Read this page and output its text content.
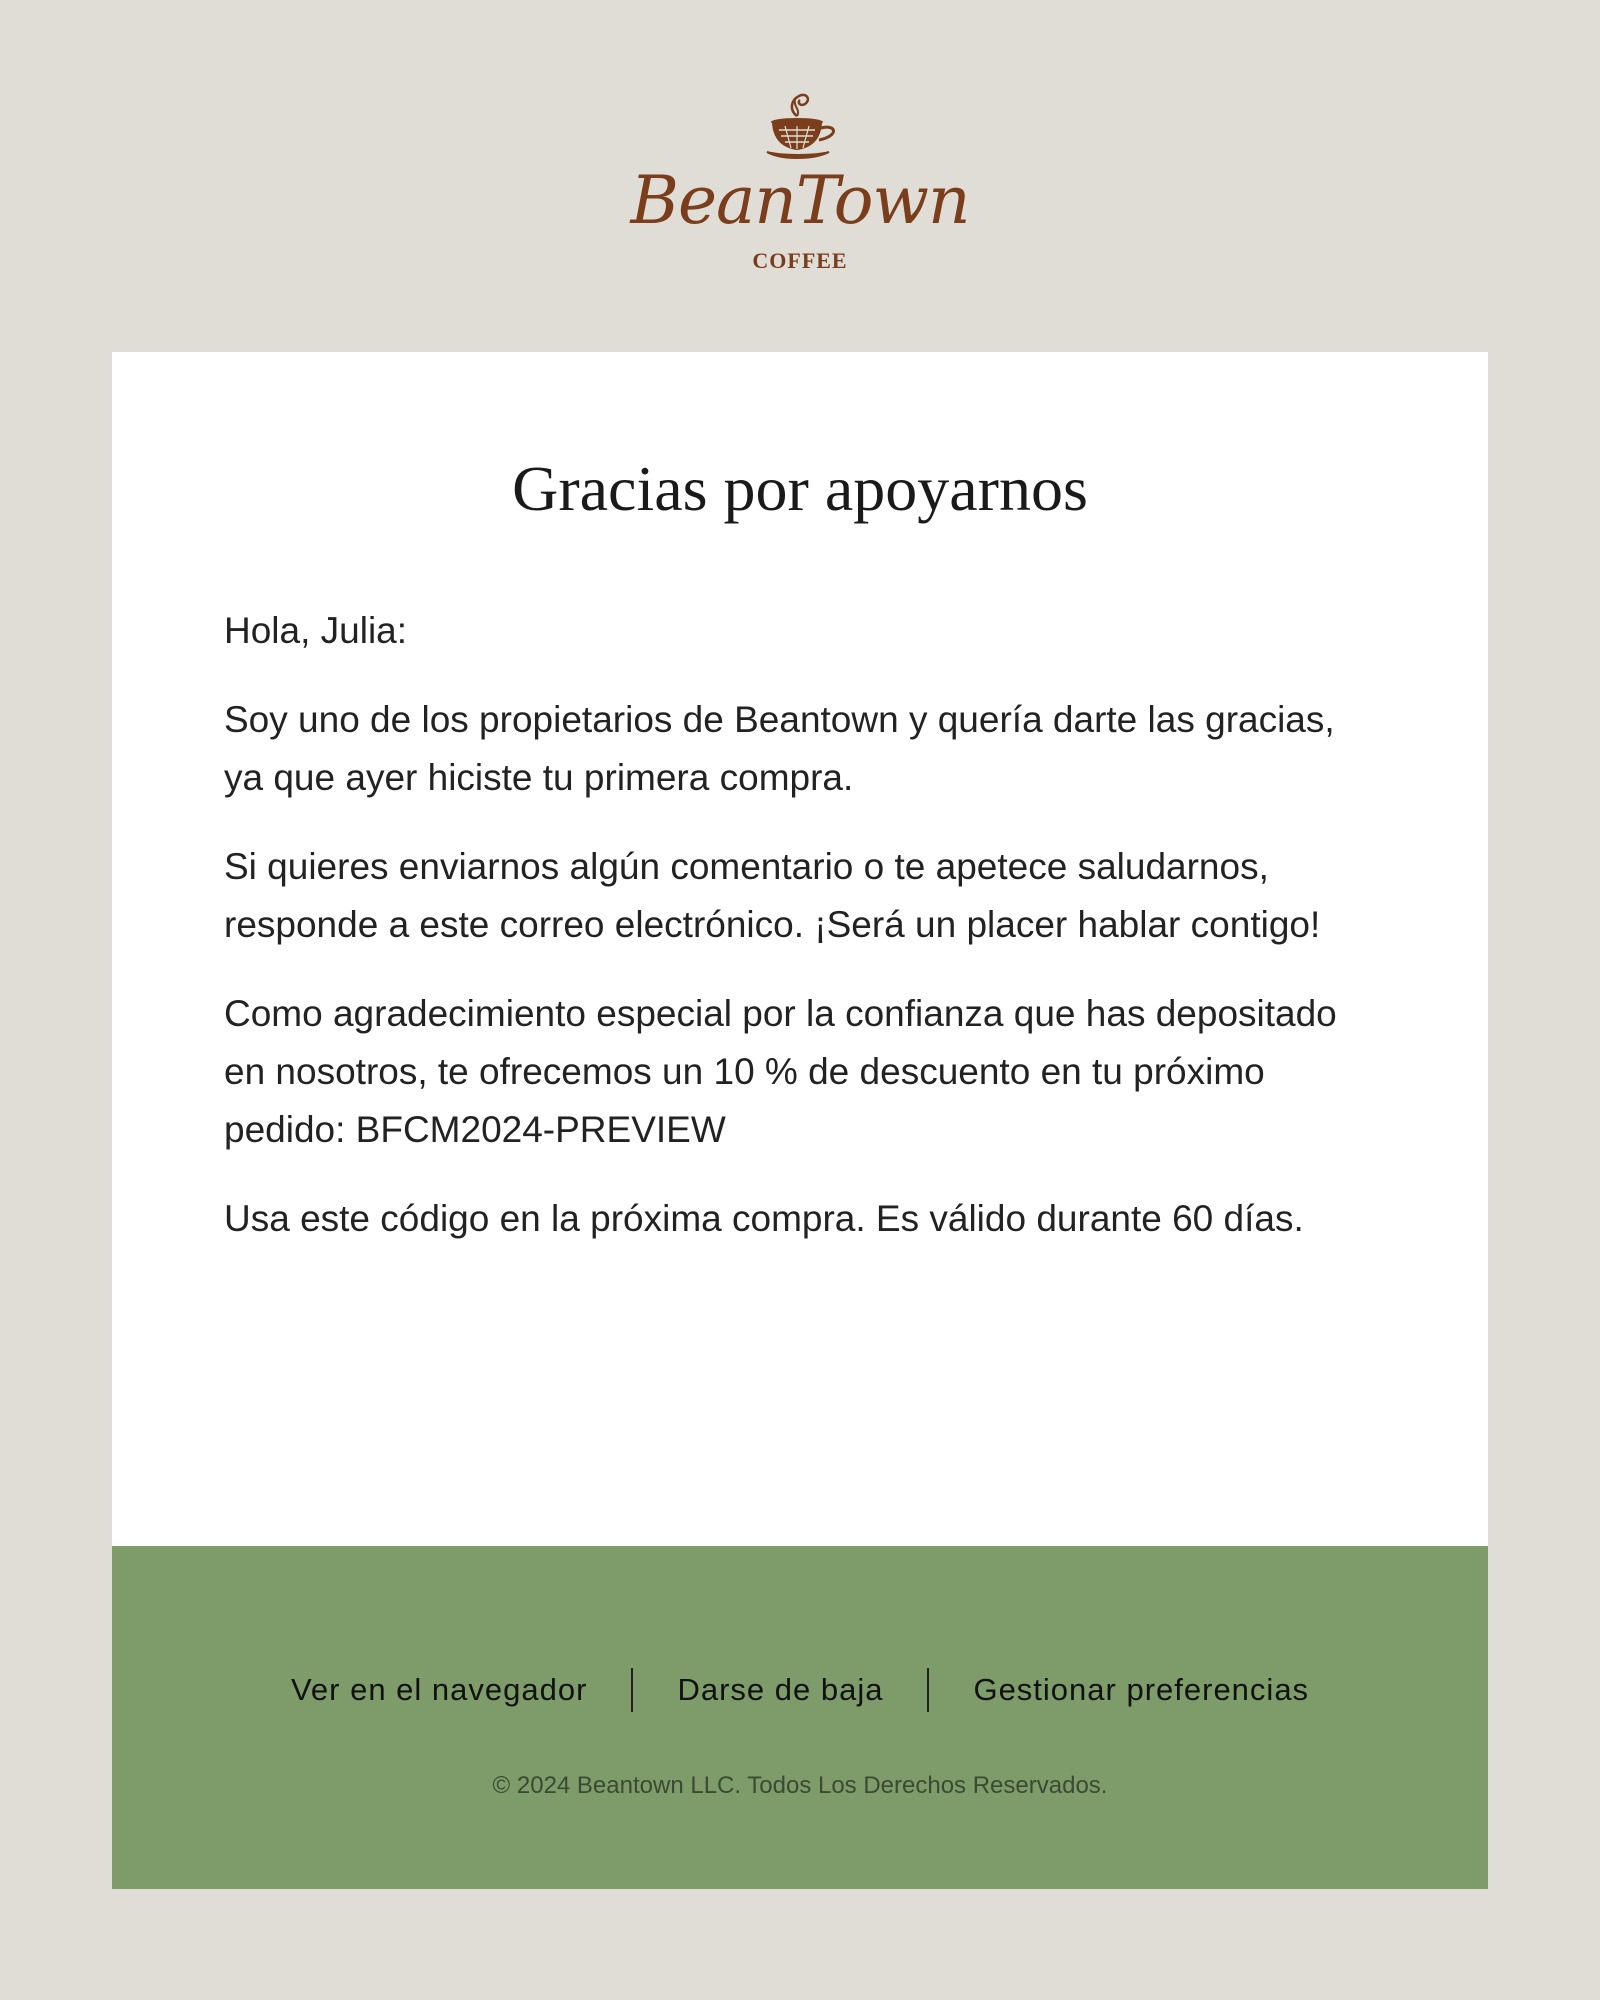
BeanTown
COFFEE
Gracias por apoyarnos

Hola, Julia:

Soy uno de los propietarios de Beantown y quería darte las gracias, ya que ayer hiciste tu primera compra.

Si quieres enviarnos algún comentario o te apetece saludarnos, responde a este correo electrónico. ¡Será un placer hablar contigo!

Como agradecimiento especial por la confianza que has depositado en nosotros, te ofrecemos un 10 % de descuento en tu próximo pedido: BFCM2024-PREVIEW

Usa este código en la próxima compra. Es válido durante 60 días.

Ver en el navegador	Darse de baja	Gestionar preferencias
© 2024 Beantown LLC. Todos Los Derechos Reservados.
